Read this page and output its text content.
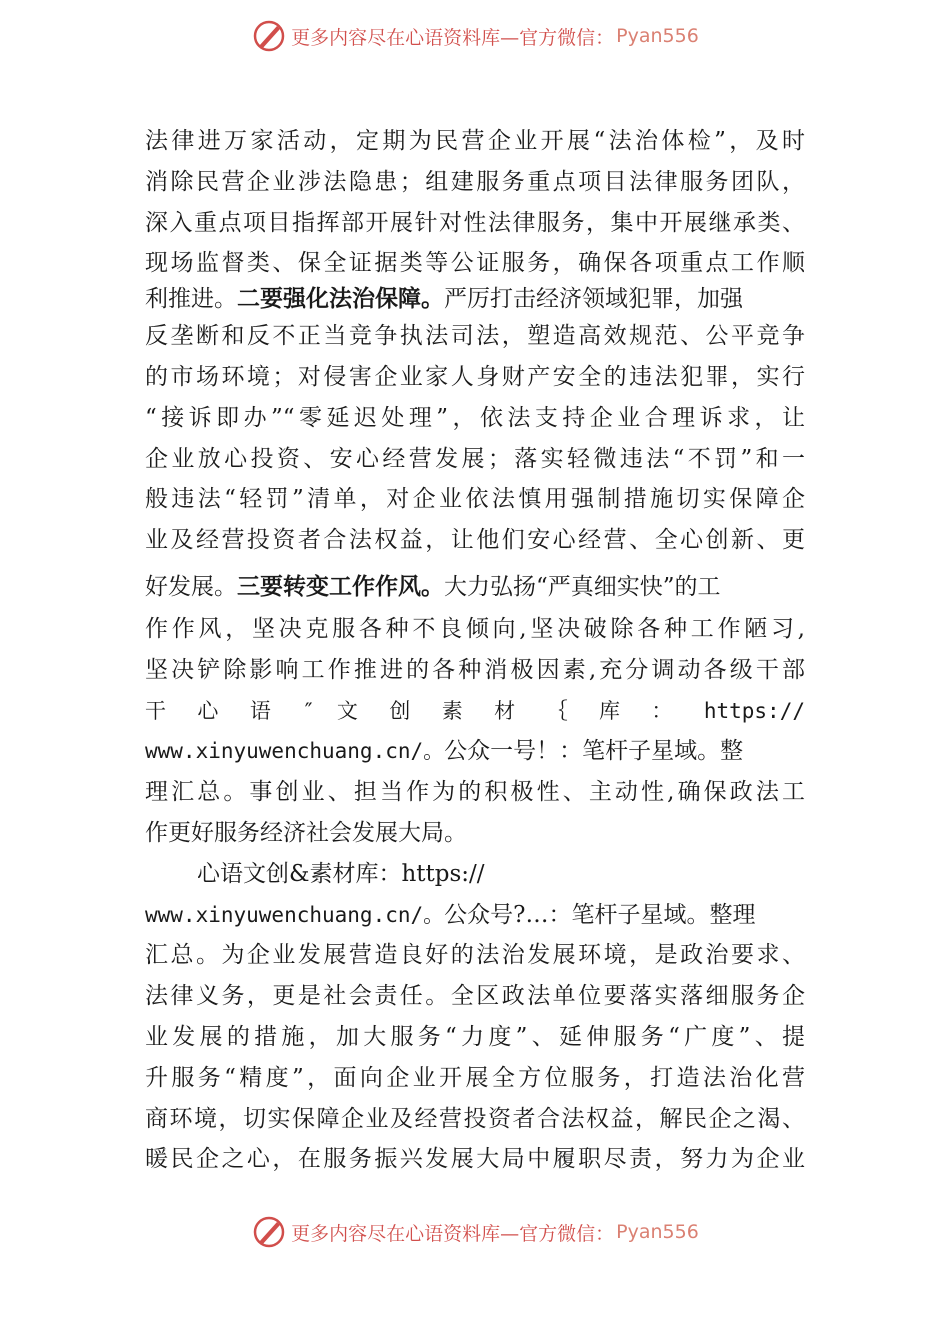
更多内容尽在心语资料库—官方微信： Pyan556
法律进万家活动，定期为民营企业开展“法治体检”，及时
消除民营企业涉法隐患；组建服务重点项目法律服务团队，
深入重点项目指挥部开展针对性法律服务，集中开展继承类、
现场监督类、保全证据类等公证服务，确保各项重点工作顺
利推进。二要强化法治保障。严厉打击经济领域犯罪，加强
反垄断和反不正当竞争执法司法，塑造高效规范、公平竞争
的市场环境；对侵害企业家人身财产安全的违法犯罪，实行
“接诉即办”“零延迟处理”，依法支持企业合理诉求，让
企业放心投资、安心经营发展；落实轻微违法“不罚”和一
般违法“轻罚”清单，对企业依法慎用强制措施切实保障企
业及经营投资者合法权益，让他们安心经营、全心创新、更
好发展。三要转变工作作风。大力弘扬“严真细实快”的工
作作风，坚决克服各种不良倾向,坚决破除各种工作陋习,
坚决铲除影响工作推进的各种消极因素,充分调动各级干部
干 心 语 ″ 文 创 素 材 ｛ 库 ： https://
www.xinyuwenchuang.cn/。公众一号！：笔杆子星域。整
理汇总。事创业、担当作为的积极性、主动性,确保政法工
作更好服务经济社会发展大局。
心语文创&素材库：https://
www.xinyuwenchuang.cn/。公众号?…：笔杆子星域。整理
汇总。为企业发展营造良好的法治发展环境，是政治要求、
法律义务，更是社会责任。全区政法单位要落实落细服务企
业发展的措施，加大服务“力度”、延伸服务“广度”、提
升服务“精度”，面向企业开展全方位服务，打造法治化营
商环境，切实保障企业及经营投资者合法权益，解民企之渴、
暖民企之心，在服务振兴发展大局中履职尽责，努力为企业
更多内容尽在心语资料库—官方微信： Pyan556
